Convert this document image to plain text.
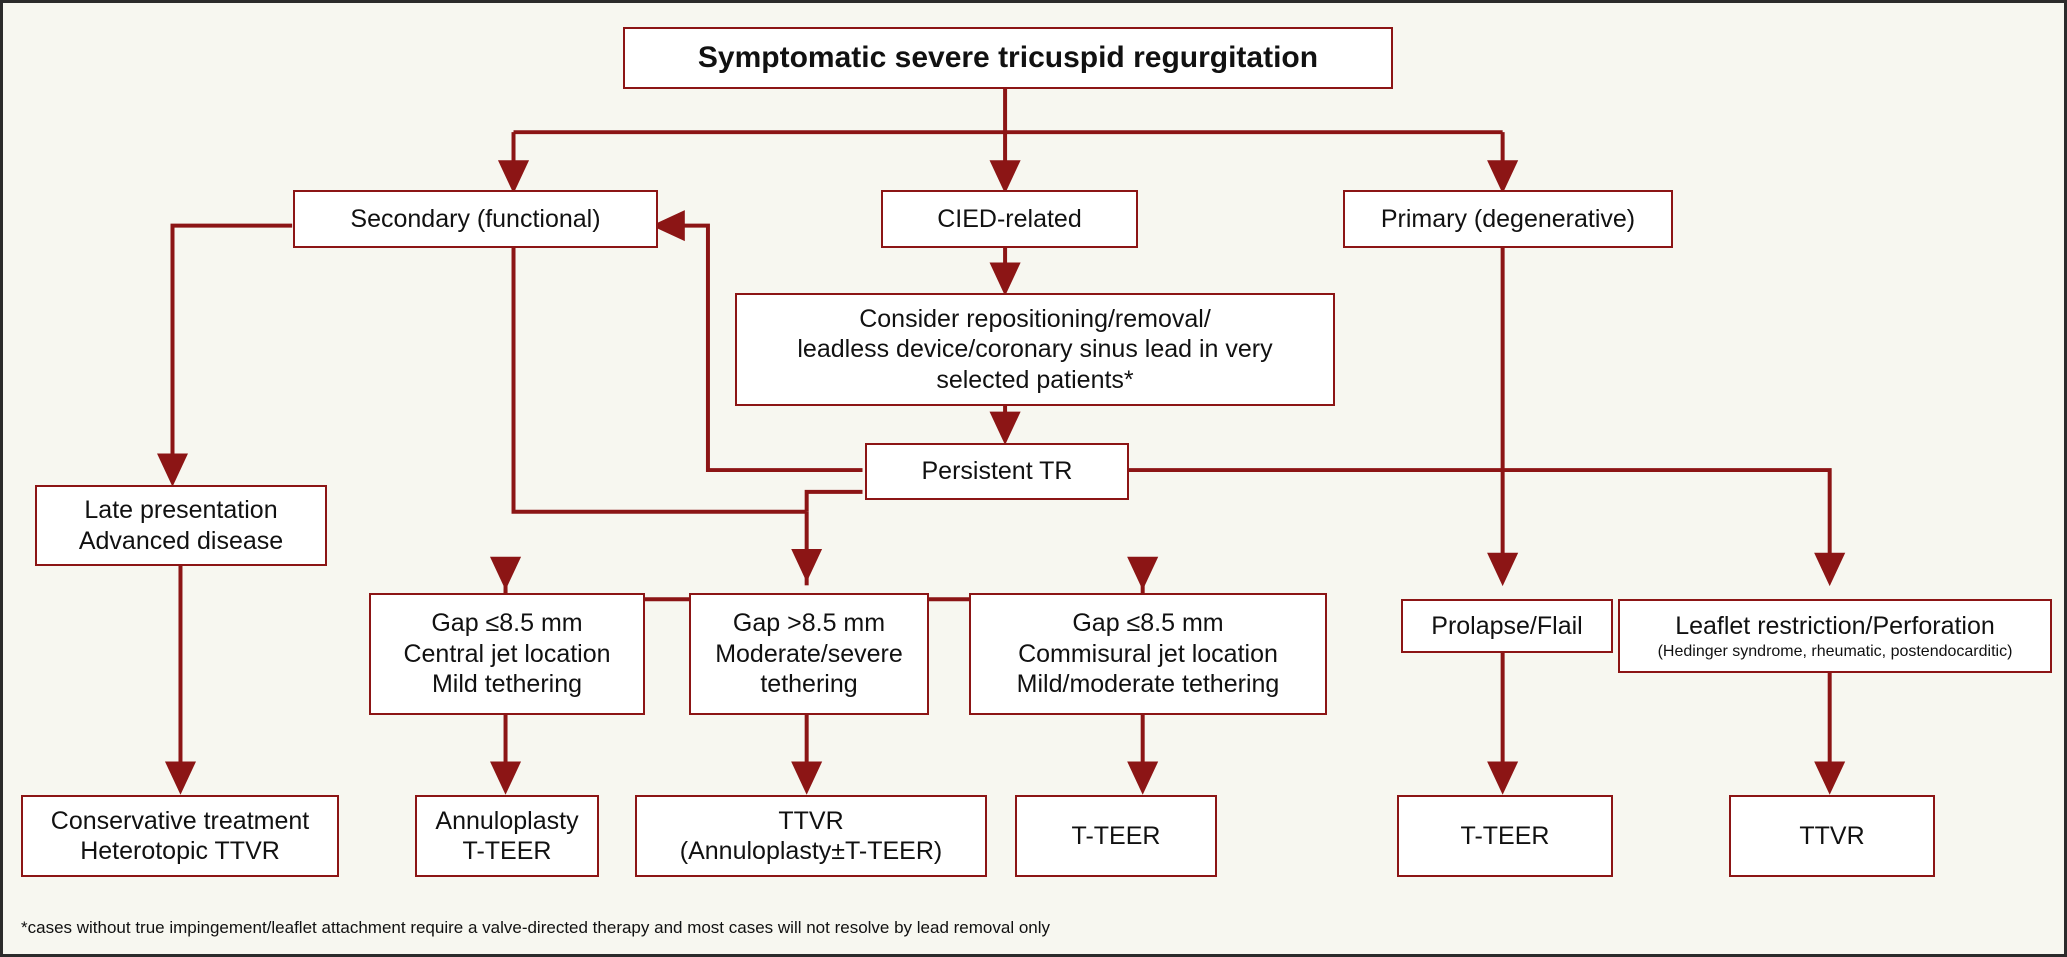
Symptomatic severe tricuspid regurgitation
Secondary (functional)	CIED-related	Primary (degenerative)
Consider repositioning/removal/
leadless device/coronary sinus lead in very
selected patients*
Persistent TR
Late presentation
Advanced disease
Gap ≤8.5 mm
Central jet location
Mild tethering
Gap >8.5 mm
Moderate/severe
tethering
Gap ≤8.5 mm
Commisural jet location
Mild/moderate tethering
Prolapse/Flail	Leaflet restriction/Perforation
(Hedinger syndrome, rheumatic, postendocarditic)
Conservative treatment
Heterotopic TTVR
Annuloplasty
T-TEER
TTVR
(Annuloplasty±T-TEER)
T-TEER	T-TEER	TTVR
*cases without true impingement/leaflet attachment require a valve-directed therapy and most cases will not resolve by lead removal only
